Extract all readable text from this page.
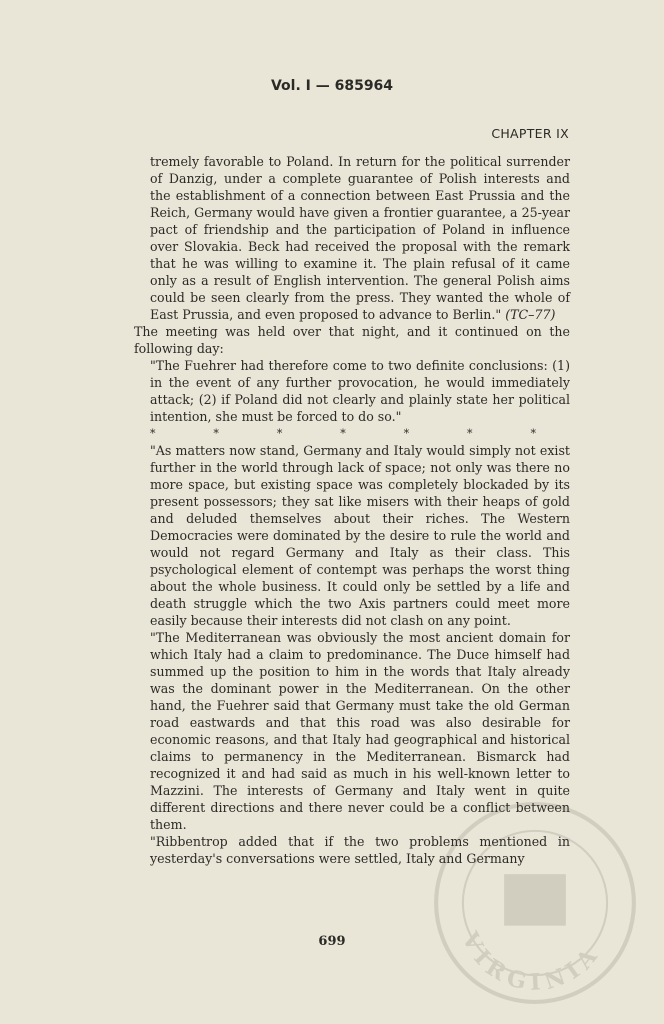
Vol. I — 685964
CHAPTER IX

tremely favorable to Poland. In return for the political surrender of Danzig, under a complete guarantee of Polish interests and the establishment of a connection between East Prussia and the Reich, Germany would have given a frontier guarantee, a 25-year pact of friendship and the participation of Poland in influence over Slovakia. Beck had received the proposal with the remark that he was willing to examine it. The plain refusal of it came only as a result of English intervention. The general Polish aims could be seen clearly from the press. They wanted the whole of East Prussia, and even proposed to advance to Berlin." (TC–77)

The meeting was held over that night, and it continued on the following day:

"The Fuehrer had therefore come to two definite conclusions: (1) in the event of any further provocation, he would immediately attack; (2) if Poland did not clearly and plainly state her political intention, she must be forced to do so."

*	*	*	*	*	*	*

"As matters now stand, Germany and Italy would simply not exist further in the world through lack of space; not only was there no more space, but existing space was completely blockaded by its present possessors; they sat like misers with their heaps of gold and deluded themselves about their riches. The Western Democracies were dominated by the desire to rule the world and would not regard Germany and Italy as their class. This psychological element of contempt was perhaps the worst thing about the whole business. It could only be settled by a life and death struggle which the two Axis partners could meet more easily because their interests did not clash on any point.

"The Mediterranean was obviously the most ancient domain for which Italy had a claim to predominance. The Duce himself had summed up the position to him in the words that Italy already was the dominant power in the Mediterranean. On the other hand, the Fuehrer said that Germany must take the old German road eastwards and that this road was also desirable for economic reasons, and that Italy had geographical and historical claims to permanency in the Mediterranean. Bismarck had recognized it and had said as much in his well-known letter to Mazzini. The interests of Germany and Italy went in quite different directions and there never could be a conflict between them.

"Ribbentrop added that if the two problems mentioned in yesterday's conversations were settled, Italy and Germany

699	VIRGINIA
